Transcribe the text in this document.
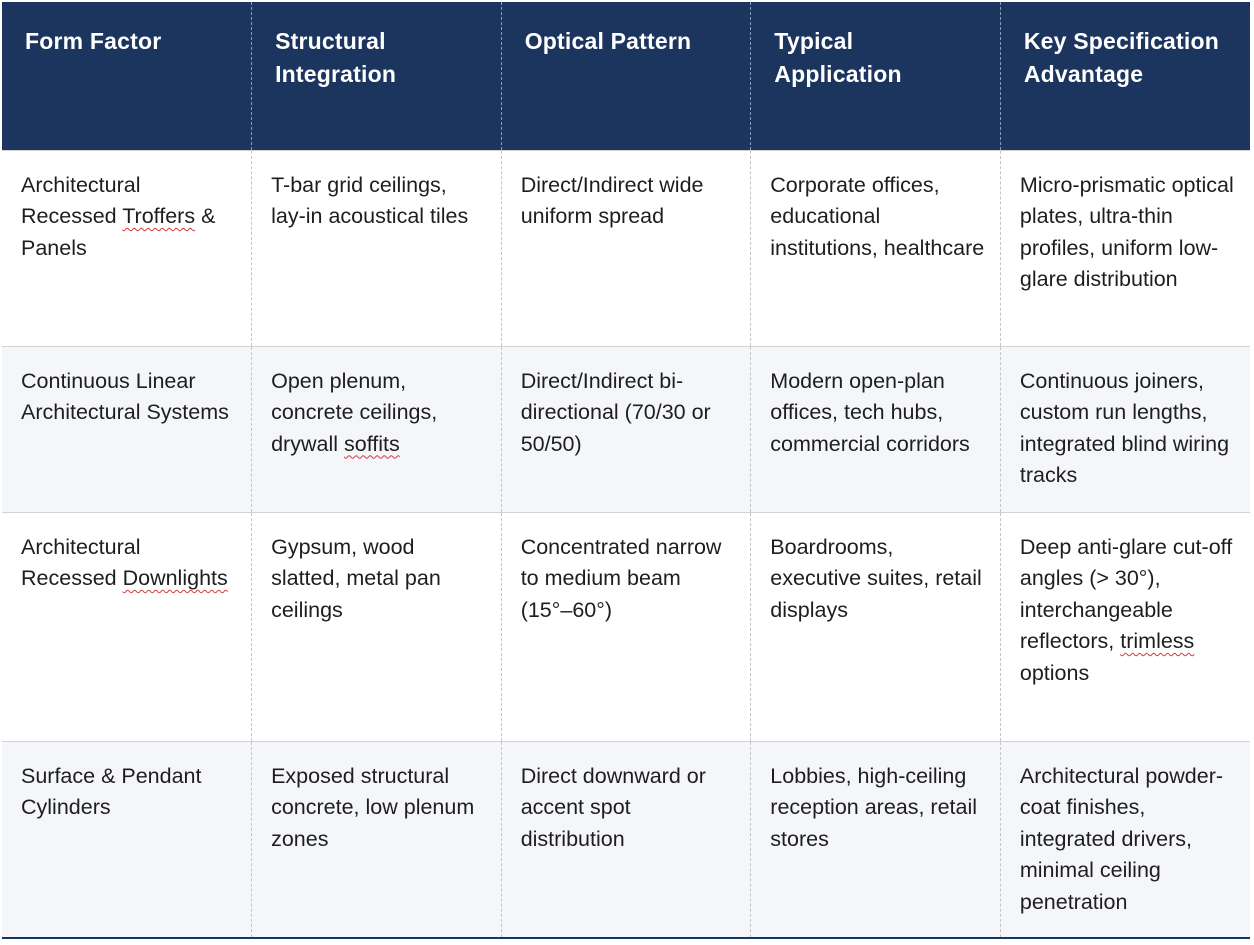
Form Factor	Structural Integration	Optical Pattern	Typical Application	Key Specification Advantage
Architectural Recessed Troffers & Panels	T-bar grid ceilings, lay-in acoustical tiles	Direct/Indirect wide uniform spread	Corporate offices, educational institutions, healthcare	Micro-prismatic optical plates, ultra-thin profiles, uniform low-glare distribution
Continuous Linear Architectural Systems	Open plenum, concrete ceilings, drywall soffits	Direct/Indirect bi-directional (70/30 or 50/50)	Modern open-plan offices, tech hubs, commercial corridors	Continuous joiners, custom run lengths, integrated blind wiring tracks
Architectural Recessed Downlights	Gypsum, wood slatted, metal pan ceilings	Concentrated narrow to medium beam (15°–60°)	Boardrooms, executive suites, retail displays	Deep anti-glare cut-off angles (> 30°), interchangeable reflectors, trimless options
Surface & Pendant Cylinders	Exposed structural concrete, low plenum zones	Direct downward or accent spot distribution	Lobbies, high-ceiling reception areas, retail stores	Architectural powder-coat finishes, integrated drivers, minimal ceiling penetration
